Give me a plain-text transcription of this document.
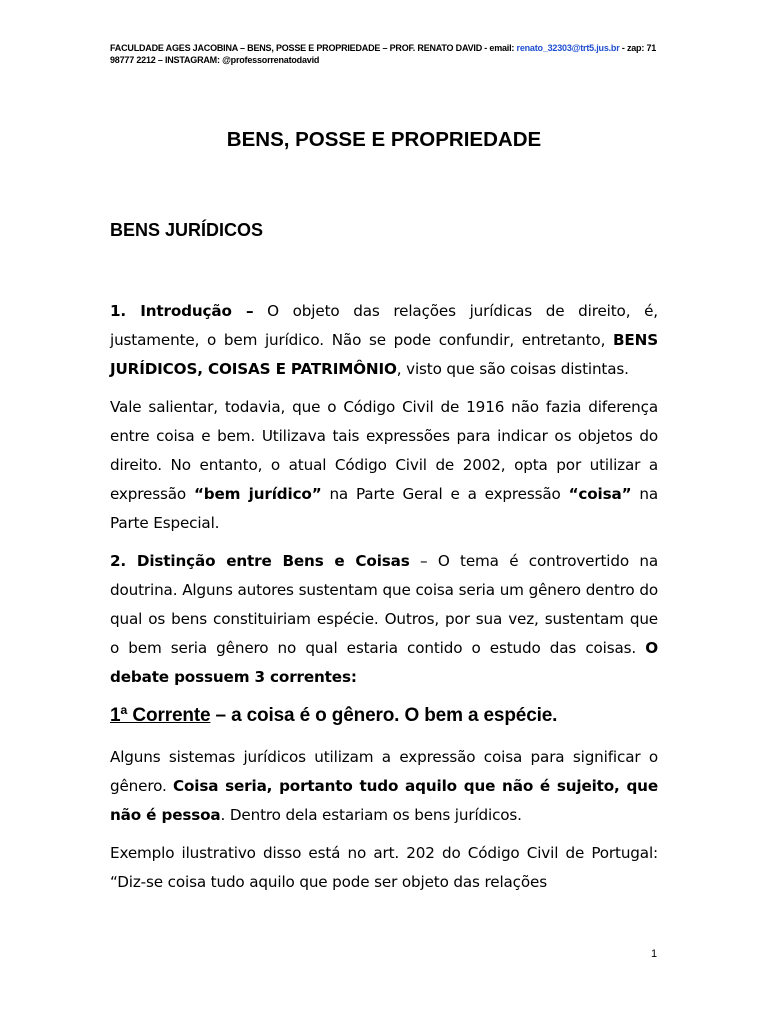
FACULDADE AGES JACOBINA – BENS, POSSE E PROPRIEDADE – PROF. RENATO DAVID - email: renato_32303@trt5.jus.br - zap: 71 98777 2212 – INSTAGRAM: @professorrenatodavid
BENS, POSSE E PROPRIEDADE
BENS JURÍDICOS

1. Introdução – O objeto das relações jurídicas de direito, é, justamente, o bem jurídico. Não se pode confundir, entretanto, BENS JURÍDICOS, COISAS E PATRIMÔNIO, visto que são coisas distintas.

Vale salientar, todavia, que o Código Civil de 1916 não fazia diferença entre coisa e bem. Utilizava tais expressões para indicar os objetos do direito. No entanto, o atual Código Civil de 2002, opta por utilizar a expressão “bem jurídico” na Parte Geral e a expressão “coisa” na Parte Especial.

2. Distinção entre Bens e Coisas – O tema é controvertido na doutrina. Alguns autores sustentam que coisa seria um gênero dentro do qual os bens constituiriam espécie. Outros, por sua vez, sustentam que o bem seria gênero no qual estaria contido o estudo das coisas. O debate possuem 3 correntes:

1ª Corrente – a coisa é o gênero. O bem a espécie.

Alguns sistemas jurídicos utilizam a expressão coisa para significar o gênero. Coisa seria, portanto tudo aquilo que não é sujeito, que não é pessoa. Dentro dela estariam os bens jurídicos.

Exemplo ilustrativo disso está no art. 202 do Código Civil de Portugal: “Diz-se coisa tudo aquilo que pode ser objeto das relações

1
